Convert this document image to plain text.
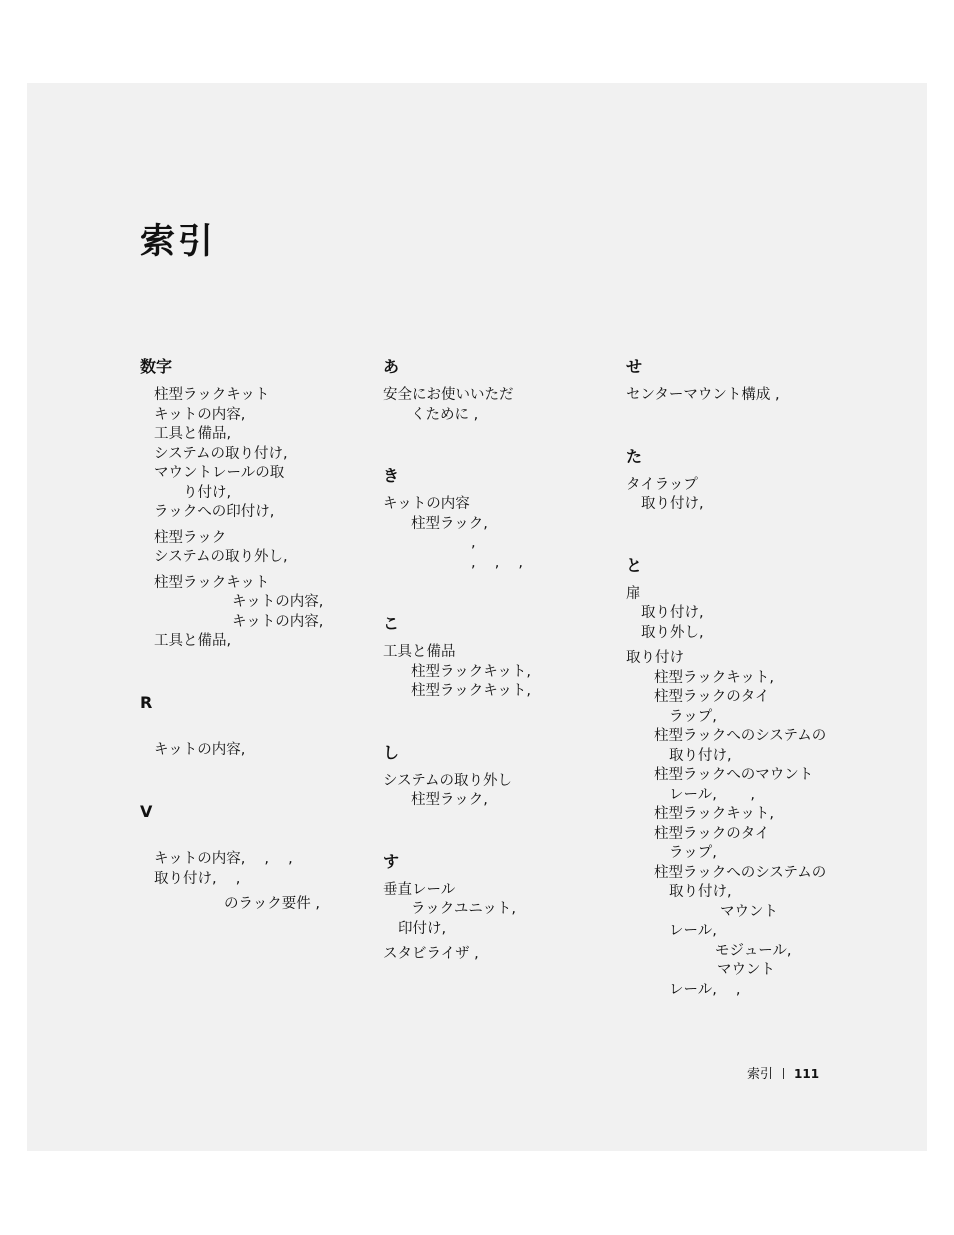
索引
数字
柱型ラックキット
キットの内容,
工具と備品,
システムの取り付け,
マウントレールの取
り付け,
ラックへの印付け,
柱型ラック
システムの取り外し,
柱型ラックキット
キットの内容,
キットの内容,
工具と備品,
R
キットの内容,
V
キットの内容,　 ,　 ,
取り付け,　 ,
のラック要件 ,
あ
安全にお使いいただ
くために ,
き
キットの内容
柱型ラック,
,
,　 ,　 ,
こ
工具と備品
柱型ラックキット,
柱型ラックキット,
し
システムの取り外し
柱型ラック,
す
垂直レール
ラックユニット,
印付け,
スタビライザ ,
せ
センターマウント構成 ,
た
タイラップ
取り付け,
と
扉
取り付け,
取り外し,
取り付け
柱型ラックキット,
柱型ラックのタイ
ラップ,
柱型ラックへのシステムの
取り付け,
柱型ラックへのマウント
レール,　　 ,
柱型ラックキット,
柱型ラックのタイ
ラップ,
柱型ラックへのシステムの
取り付け,
マウント
レール,
モジュール,
マウント
レール,　 ,
索引 111
